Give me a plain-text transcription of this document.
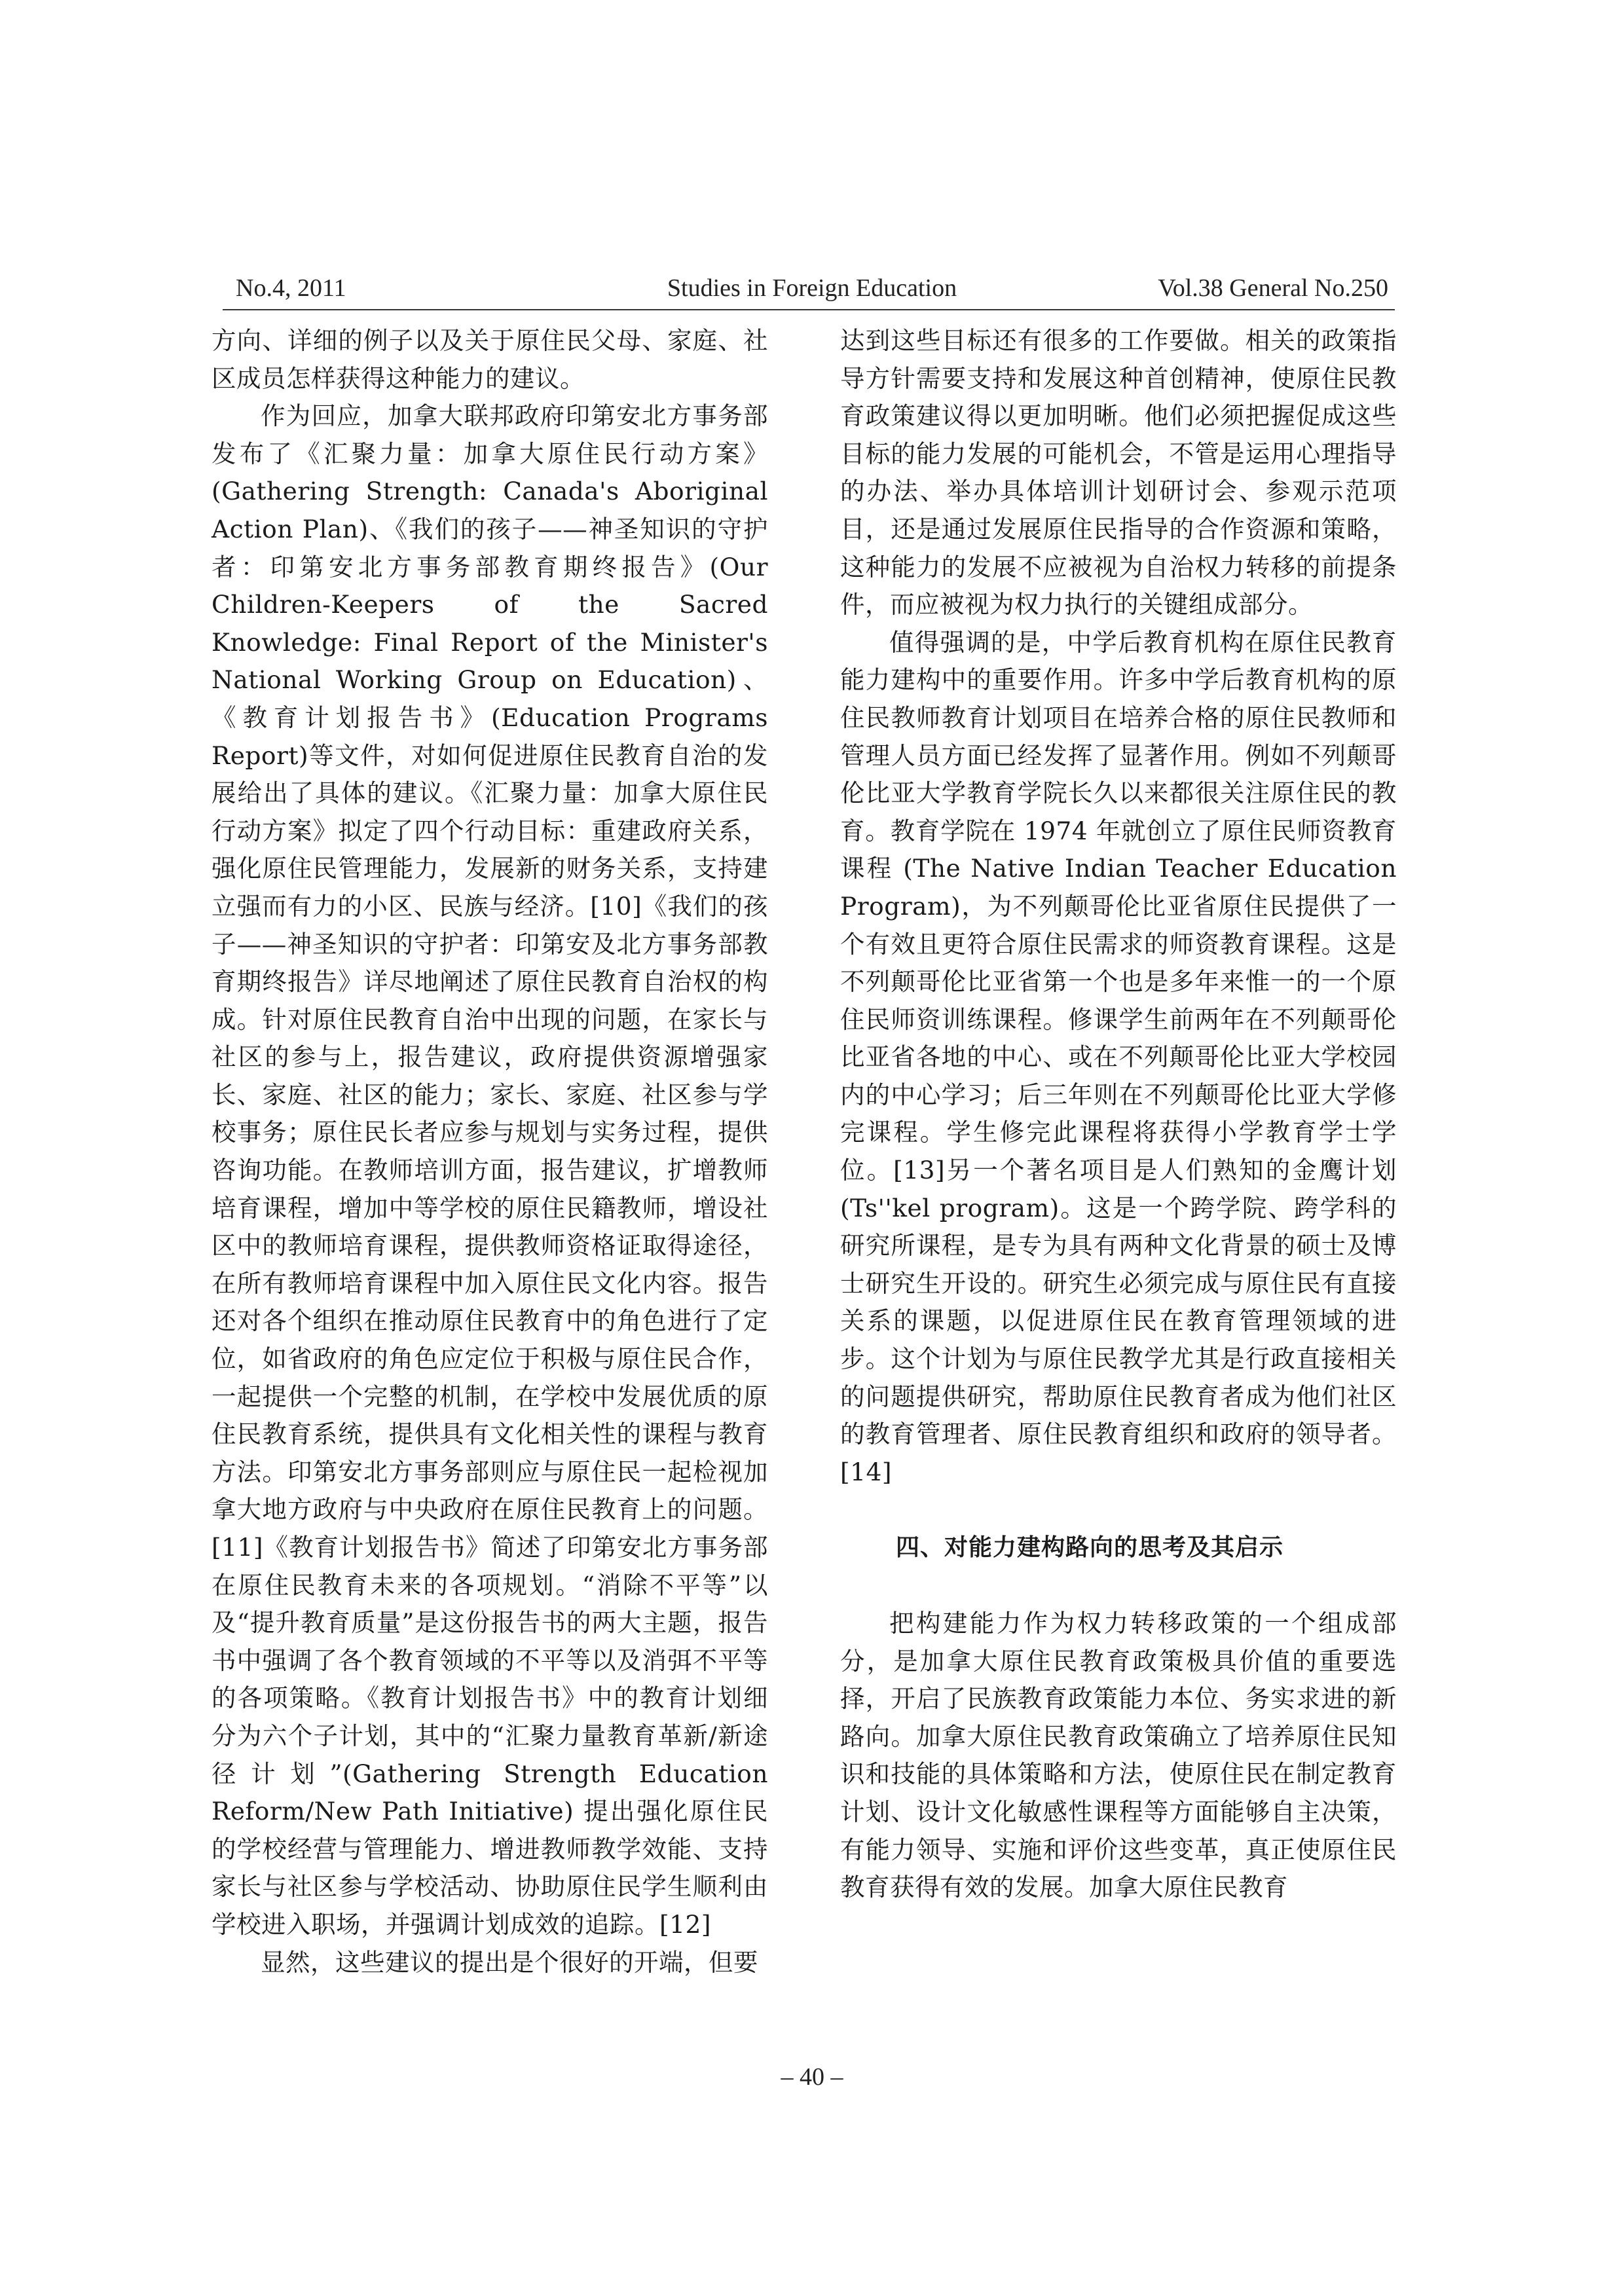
No.4, 2011	Studies in Foreign Education	Vol.38 General No.250

方向、详细的例子以及关于原住民父母、家庭、社区成员怎样获得这种能力的建议。

作为回应，加拿大联邦政府印第安北方事务部发布了《汇聚力量：加拿大原住民行动方案》(Gathering Strength: Canada's Aboriginal Action Plan)、《我们的孩子——神圣知识的守护者：印第安北方事务部教育期终报告》(Our Children-Keepers of the Sacred Knowledge: Final Report of the Minister's National Working Group on Education)、《教育计划报告书》(Education Programs Report)等文件，对如何促进原住民教育自治的发展给出了具体的建议。《汇聚力量：加拿大原住民行动方案》拟定了四个行动目标：重建政府关系，强化原住民管理能力，发展新的财务关系，支持建立强而有力的小区、民族与经济。[10]《我们的孩子——神圣知识的守护者：印第安及北方事务部教育期终报告》详尽地阐述了原住民教育自治权的构成。针对原住民教育自治中出现的问题，在家长与社区的参与上，报告建议，政府提供资源增强家长、家庭、社区的能力；家长、家庭、社区参与学校事务；原住民长者应参与规划与实务过程，提供咨询功能。在教师培训方面，报告建议，扩增教师培育课程，增加中等学校的原住民籍教师，增设社区中的教师培育课程，提供教师资格证取得途径，在所有教师培育课程中加入原住民文化内容。报告还对各个组织在推动原住民教育中的角色进行了定位，如省政府的角色应定位于积极与原住民合作，一起提供一个完整的机制，在学校中发展优质的原住民教育系统，提供具有文化相关性的课程与教育方法。印第安北方事务部则应与原住民一起检视加拿大地方政府与中央政府在原住民教育上的问题。[11]《教育计划报告书》简述了印第安北方事务部在原住民教育未来的各项规划。“消除不平等”以及“提升教育质量”是这份报告书的两大主题，报告书中强调了各个教育领域的不平等以及消弭不平等的各项策略。《教育计划报告书》中的教育计划细分为六个子计划，其中的“汇聚力量教育革新/新途径计划”(Gathering Strength Education Reform/New Path Initiative) 提出强化原住民的学校经营与管理能力、增进教师教学效能、支持家长与社区参与学校活动、协助原住民学生顺利由学校进入职场，并强调计划成效的追踪。[12]

显然，这些建议的提出是个很好的开端，但要

达到这些目标还有很多的工作要做。相关的政策指导方针需要支持和发展这种首创精神，使原住民教育政策建议得以更加明晰。他们必须把握促成这些目标的能力发展的可能机会，不管是运用心理指导的办法、举办具体培训计划研讨会、参观示范项目，还是通过发展原住民指导的合作资源和策略，这种能力的发展不应被视为自治权力转移的前提条件，而应被视为权力执行的关键组成部分。

值得强调的是，中学后教育机构在原住民教育能力建构中的重要作用。许多中学后教育机构的原住民教师教育计划项目在培养合格的原住民教师和管理人员方面已经发挥了显著作用。例如不列颠哥伦比亚大学教育学院长久以来都很关注原住民的教育。教育学院在 1974 年就创立了原住民师资教育课程 (The Native Indian Teacher Education Program)，为不列颠哥伦比亚省原住民提供了一个有效且更符合原住民需求的师资教育课程。这是不列颠哥伦比亚省第一个也是多年来惟一的一个原住民师资训练课程。修课学生前两年在不列颠哥伦比亚省各地的中心、或在不列颠哥伦比亚大学校园内的中心学习；后三年则在不列颠哥伦比亚大学修完课程。学生修完此课程将获得小学教育学士学位。[13]另一个著名项目是人们熟知的金鹰计划(Ts''kel program)。这是一个跨学院、跨学科的研究所课程，是专为具有两种文化背景的硕士及博士研究生开设的。研究生必须完成与原住民有直接关系的课题，以促进原住民在教育管理领域的进步。这个计划为与原住民教学尤其是行政直接相关的问题提供研究，帮助原住民教育者成为他们社区的教育管理者、原住民教育组织和政府的领导者。[14]

四、对能力建构路向的思考及其启示

把构建能力作为权力转移政策的一个组成部分，是加拿大原住民教育政策极具价值的重要选择，开启了民族教育政策能力本位、务实求进的新路向。加拿大原住民教育政策确立了培养原住民知识和技能的具体策略和方法，使原住民在制定教育计划、设计文化敏感性课程等方面能够自主决策，有能力领导、实施和评价这些变革，真正使原住民教育获得有效的发展。加拿大原住民教育

– 40 –
